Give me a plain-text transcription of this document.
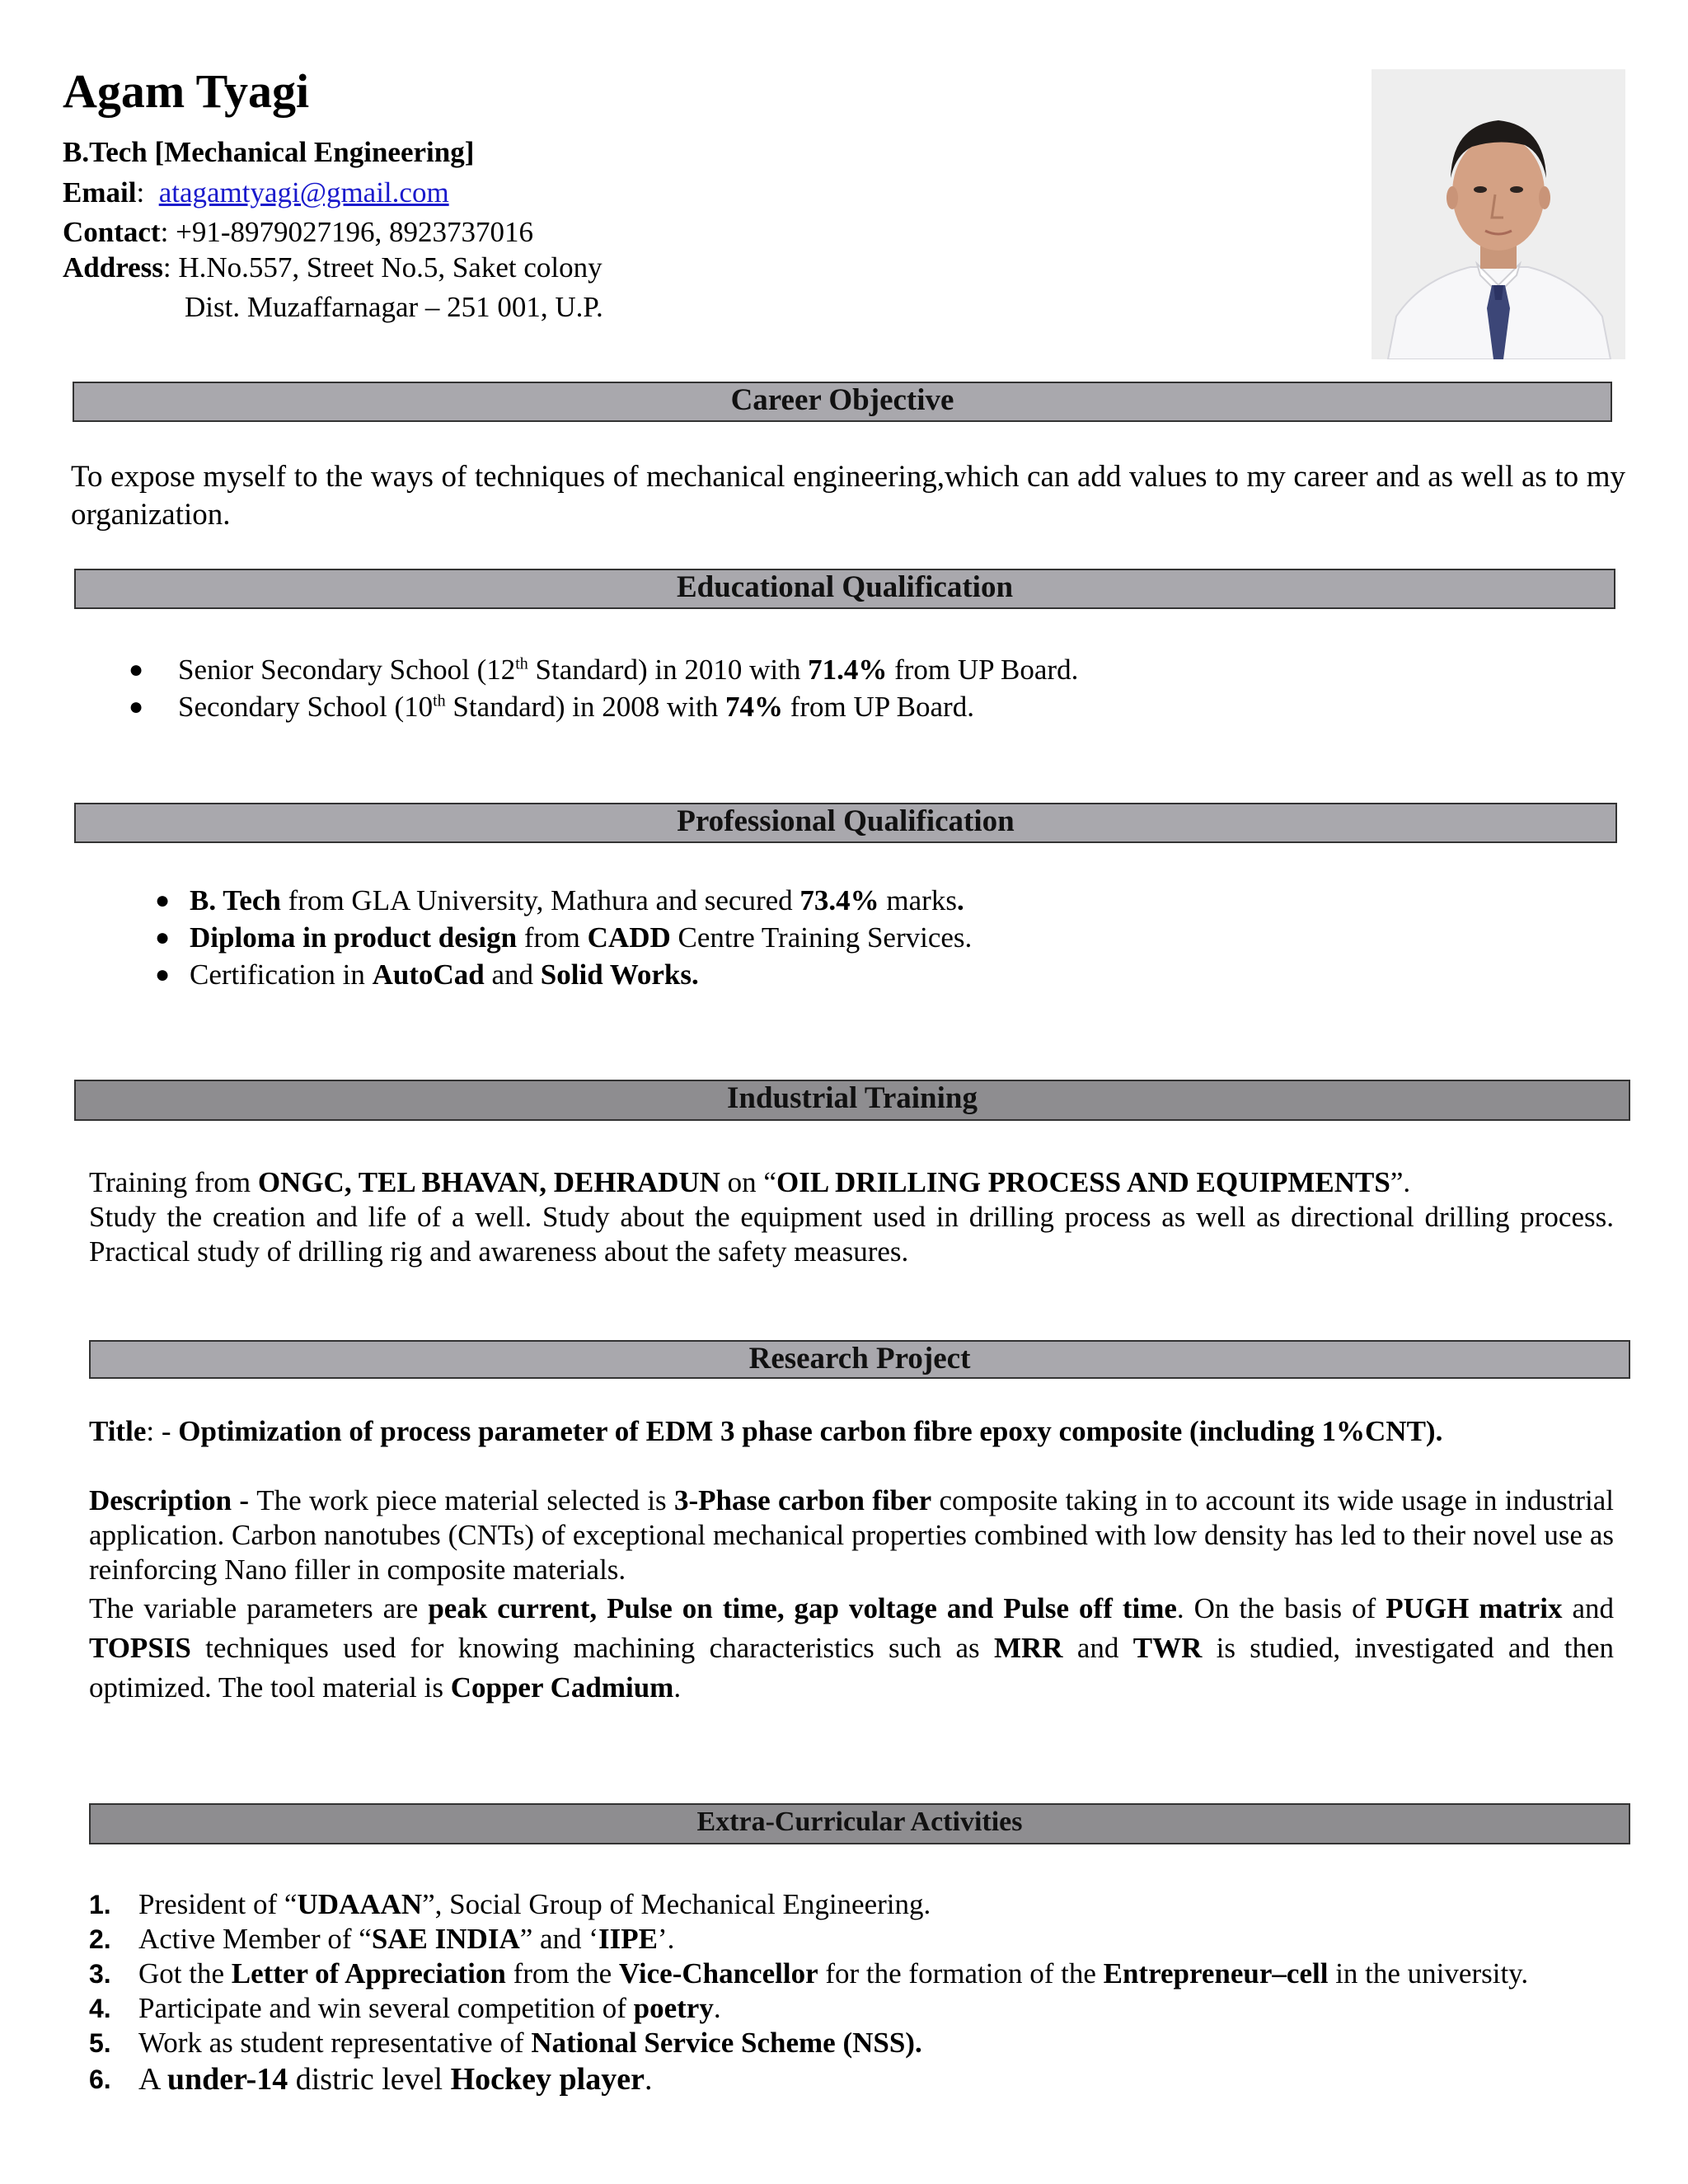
Agam Tyagi
B.Tech [Mechanical Engineering]
Email:  atagamtyagi@gmail.com
Contact: +91-8979027196, 8923737016
Address: H.No.557, Street No.5, Saket colony
Dist. Muzaffarnagar – 251 001, U.P.
Career Objective
To expose myself to the ways of techniques of mechanical engineering,which can add values to my career and as well as to my organization.
Educational Qualification
● Senior Secondary School (12th Standard) in 2010 with 71.4% from UP Board.
● Secondary School (10th Standard) in 2008 with 74% from UP Board.
Professional Qualification
● B. Tech from GLA University, Mathura and secured 73.4% marks.
● Diploma in product design from CADD Centre Training Services.
● Certification in AutoCad and Solid Works.
Industrial Training
Training from ONGC, TEL BHAVAN, DEHRADUN on “OIL DRILLING PROCESS AND EQUIPMENTS”.
Study the creation and life of a well. Study about the equipment used in drilling process as well as directional drilling process. Practical study of drilling rig and awareness about the safety measures.
Research Project
Title: - Optimization of process parameter of EDM 3 phase carbon fibre epoxy composite (including 1%CNT).
Description - The work piece material selected is 3-Phase carbon fiber composite taking in to account its wide usage in industrial application. Carbon nanotubes (CNTs) of exceptional mechanical properties combined with low density has led to their novel use as reinforcing Nano filler in composite materials.
The variable parameters are peak current, Pulse on time, gap voltage and Pulse off time. On the basis of PUGH matrix and TOPSIS techniques used for knowing machining characteristics such as MRR and TWR is studied, investigated and then optimized. The tool material is Copper Cadmium.
Extra-Curricular Activities
1. President of “UDAAAN”, Social Group of Mechanical Engineering.
2. Active Member of “SAE INDIA” and ‘IIPE’.
3. Got the Letter of Appreciation from the Vice-Chancellor for the formation of the Entrepreneur–cell in the university.
4. Participate and win several competition of poetry.
5. Work as student representative of National Service Scheme (NSS).
6. A under-14 distric level Hockey player.
